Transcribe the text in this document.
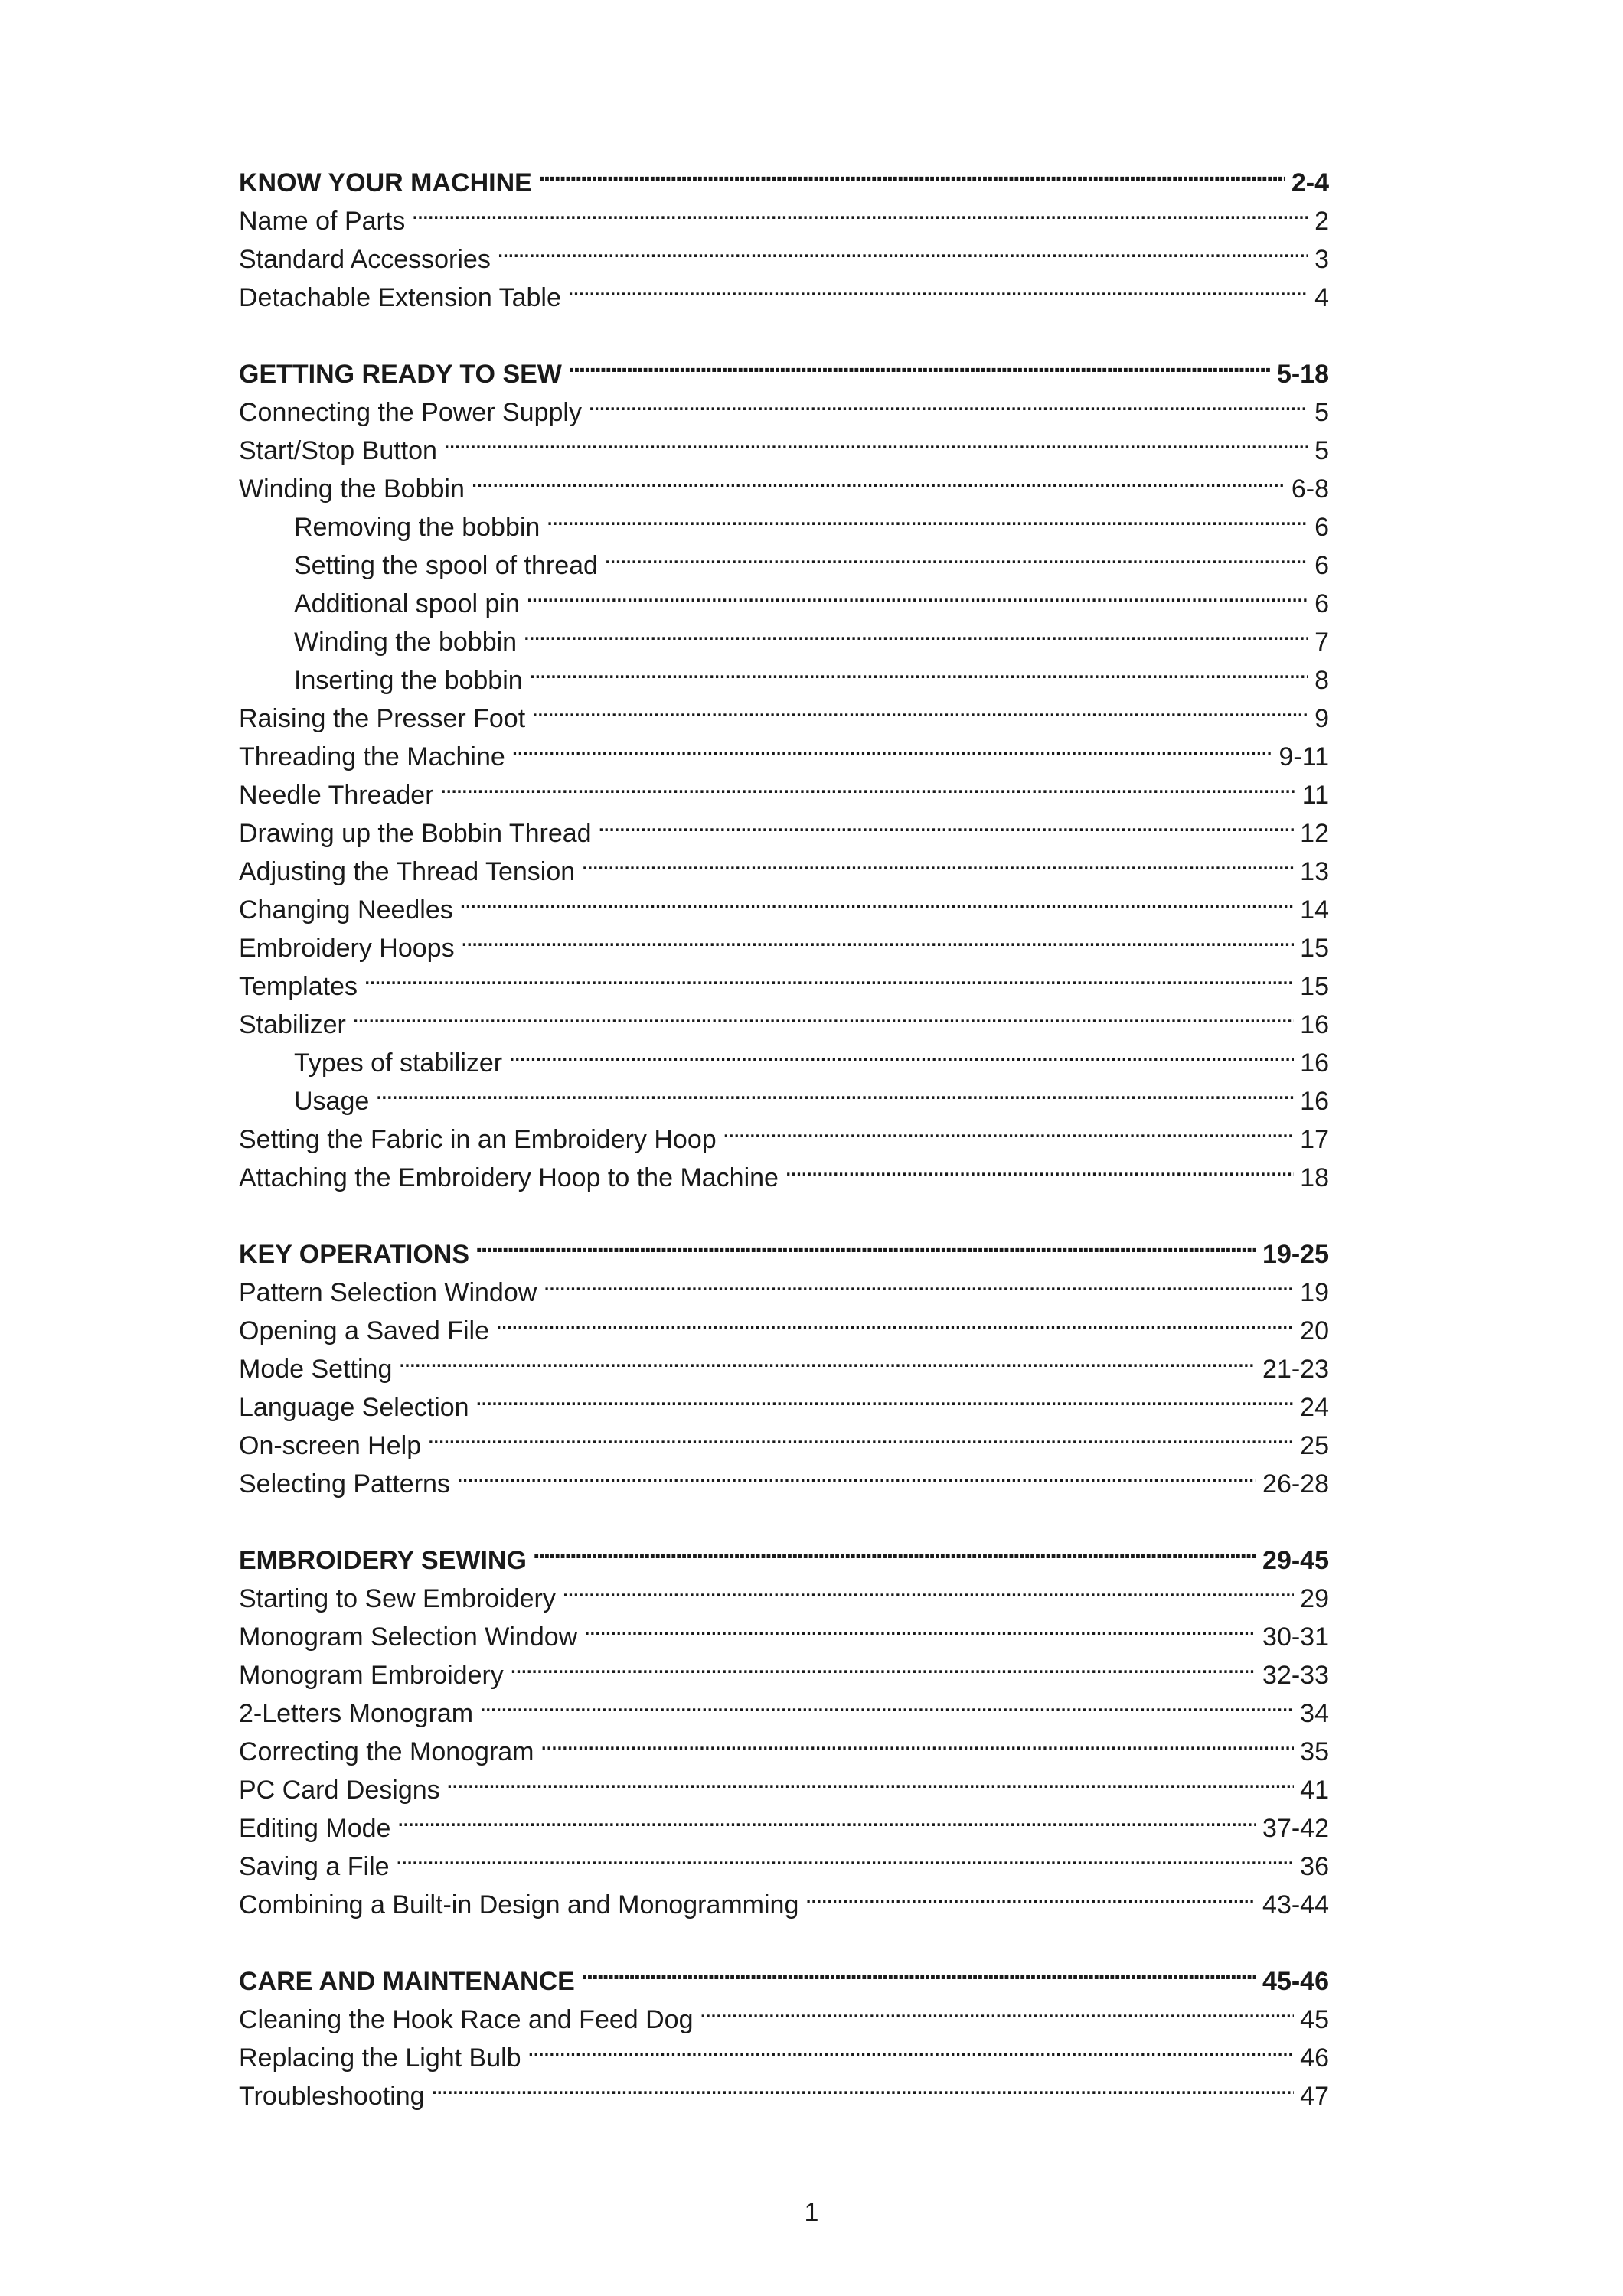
KNOW YOUR MACHINE . . .	2-4
Name of Parts . . .	2
Standard Accessories . . .	3
Detachable Extension Table . . .	4
GETTING READY TO SEW . . .	5-18
Connecting the Power Supply . . .	5
Start/Stop Button . . .	5
Winding the Bobbin . . .	6-8
Removing the bobbin . . .	6
Setting the spool of thread . . .	6
Additional spool pin . . .	6
Winding the bobbin . . .	7
Inserting the bobbin . . .	8
Raising the Presser Foot . . .	9
Threading the Machine . . .	9-11
Needle Threader . . .	11
Drawing up the Bobbin Thread . . .	12
Adjusting the Thread Tension . . .	13
Changing Needles . . .	14
Embroidery Hoops . . .	15
Templates . . .	15
Stabilizer . . .	16
Types of stabilizer . . .	16
Usage . . .	16
Setting the Fabric in an Embroidery Hoop . . .	17
Attaching the Embroidery Hoop to the Machine . . .	18
KEY OPERATIONS . . .	19-25
Pattern Selection Window . . .	19
Opening a Saved File . . .	20
Mode Setting . . .	21-23
Language Selection . . .	24
On-screen Help . . .	25
Selecting Patterns . . .	26-28
EMBROIDERY SEWING . . .	29-45
Starting to Sew Embroidery . . .	29
Monogram Selection Window . . .	30-31
Monogram Embroidery . . .	32-33
2-Letters Monogram . . .	34
Correcting the Monogram . . .	35
PC Card Designs . . .	41
Editing Mode . . .	37-42
Saving a File . . .	36
Combining a Built-in Design and Monogramming . . .	43-44
CARE AND MAINTENANCE . . .	45-46
Cleaning the Hook Race and Feed Dog . . .	45
Replacing the Light Bulb . . .	46
Troubleshooting . . .	47
1
